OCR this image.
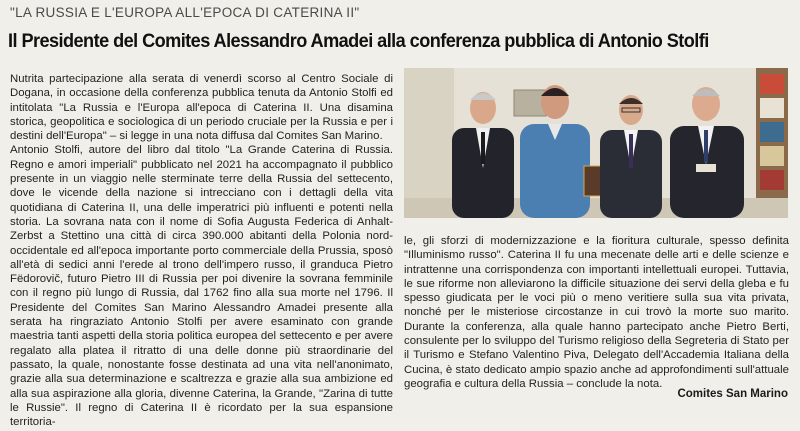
"LA RUSSIA E L'EUROPA ALL'EPOCA DI CATERINA II"
Il Presidente del Comites Alessandro Amadei alla conferenza pubblica di Antonio Stolfi

Nutrita partecipazione alla serata di venerdì scorso al Centro Sociale di Dogana, in occasione della conferenza pubblica tenuta da Antonio Stolfi ed intitolata "La Russia e l'Europa all'epoca di Caterina II. Una disamina storica, geopolitica e sociologica di un periodo cruciale per la Russia e per i destini dell'Europa" – si legge in una nota diffusa dal Comites San Marino.

Antonio Stolfi, autore del libro dal titolo "La Grande Caterina di Russia. Regno e amori imperiali" pubblicato nel 2021 ha accompagnato il pubblico presente in un viaggio nelle sterminate terre della Russia del settecento, dove le vicende della nazione si intrecciano con i dettagli della vita quotidiana di Caterina II, una delle imperatrici più influenti e potenti nella storia. La sovrana nata con il nome di Sofia Augusta Federica di Anhalt-Zerbst a Stettino una città di circa 390.000 abitanti della Polonia nord-occidentale ed all'epoca importante porto commerciale della Prussia, sposò all'età di sedici anni l'erede al trono dell'impero russo, il granduca Pietro Fëdorovič, futuro Pietro III di Russia per poi divenire la sovrana femminile con il regno più lungo di Russia, dal 1762 fino alla sua morte nel 1796. Il Presidente del Comites San Marino Alessandro Amadei presente alla serata ha ringraziato Antonio Stolfi per avere esaminato con grande maestria tanti aspetti della storia politica europea del settecento e per avere regalato alla platea il ritratto di una delle donne più straordinarie del passato, la quale, nonostante fosse destinata ad una vita nell'anonimato, grazie alla sua determinazione e scaltrezza e grazie alla sua ambizione ed alla sua aspirazione alla gloria, divenne Caterina, la Grande, "Zarina di tutte le Russie". Il regno di Caterina II è ricordato per la sua espansione territoria-

le, gli sforzi di modernizzazione e la fioritura culturale, spesso definita "Illuminismo russo". Caterina II fu una mecenate delle arti e delle scienze e intrattenne una corrispondenza con importanti intellettuali europei. Tuttavia, le sue riforme non alleviarono la difficile situazione dei servi della gleba e fu spesso giudicata per le voci più o meno veritiere sulla sua vita privata, nonché per le misteriose circostanze in cui trovò la morte suo marito. Durante la conferenza, alla quale hanno partecipato anche Pietro Berti, consulente per lo sviluppo del Turismo religioso della Segreteria di Stato per il Turismo e Stefano Valentino Piva, Delegato dell'Accademia Italiana della Cucina, è stato dedicato ampio spazio anche ad approfondimenti sull'attuale geografia e cultura della Russia – conclude la nota.

Comites San Marino
